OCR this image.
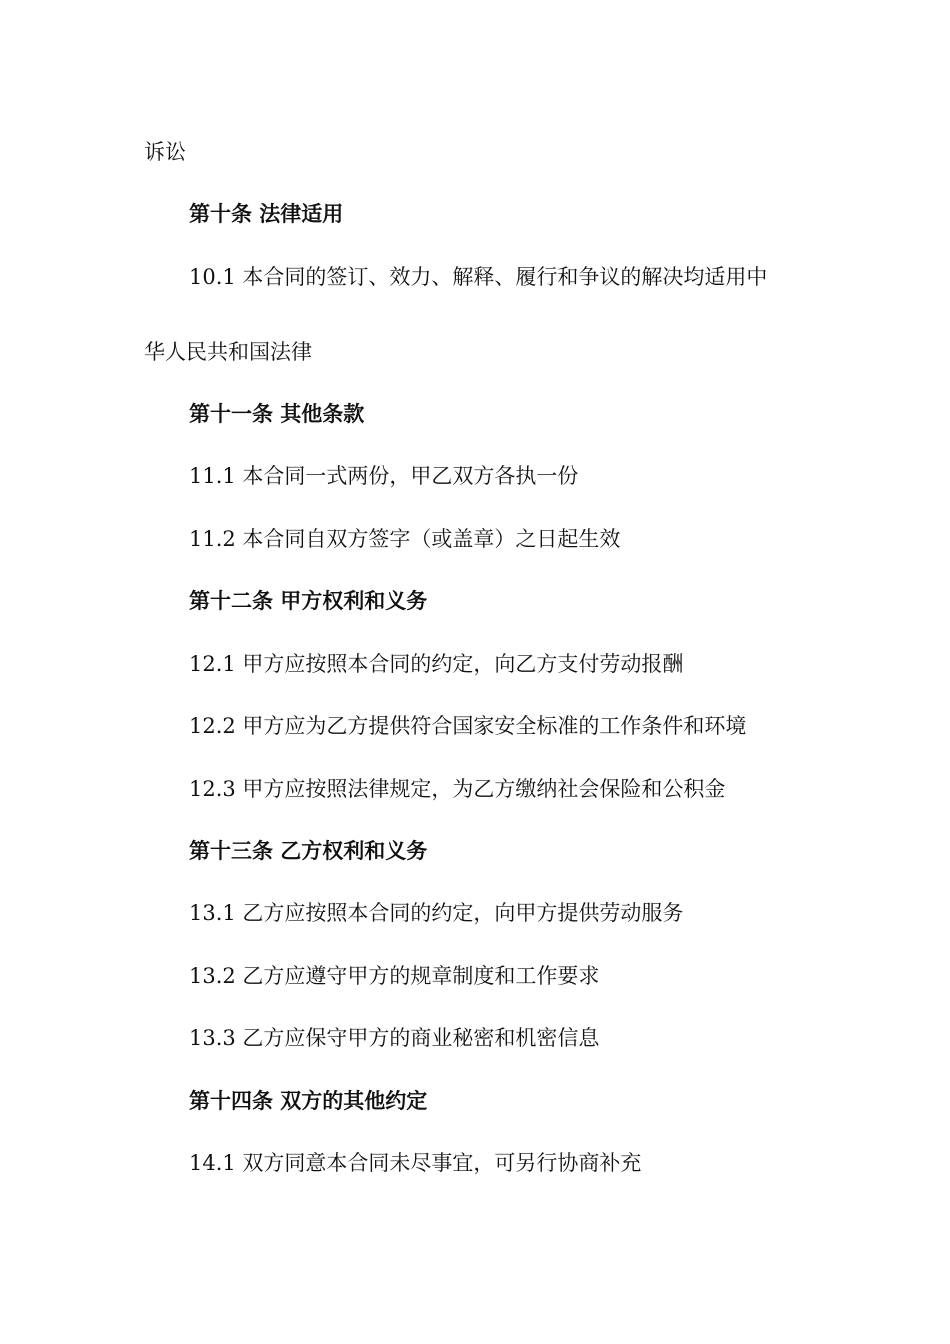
诉讼

第十条 法律适用

10.1 本合同的签订、效力、解释、履行和争议的解决均适用中

华人民共和国法律

第十一条 其他条款

11.1 本合同一式两份，甲乙双方各执一份

11.2 本合同自双方签字（或盖章）之日起生效

第十二条 甲方权利和义务

12.1 甲方应按照本合同的约定，向乙方支付劳动报酬

12.2 甲方应为乙方提供符合国家安全标准的工作条件和环境

12.3 甲方应按照法律规定，为乙方缴纳社会保险和公积金

第十三条 乙方权利和义务

13.1 乙方应按照本合同的约定，向甲方提供劳动服务

13.2 乙方应遵守甲方的规章制度和工作要求

13.3 乙方应保守甲方的商业秘密和机密信息

第十四条 双方的其他约定

14.1 双方同意本合同未尽事宜，可另行协商补充
